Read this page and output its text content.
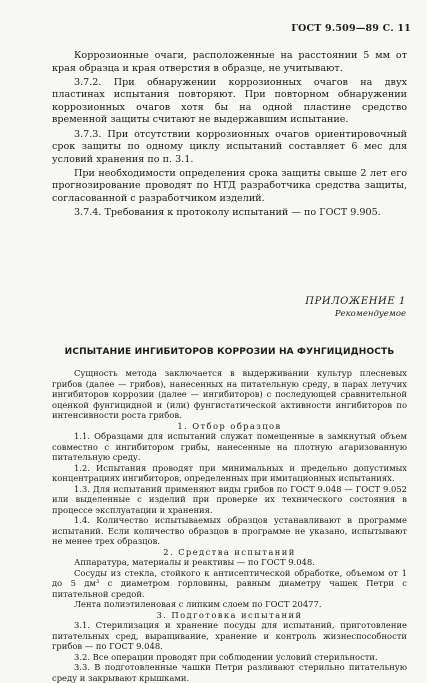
ГОСТ 9.509—89 С. 11

Коррозионные очаги, расположенные на расстоянии 5 мм от края образца и края отверстия в образце, не учитывают.

3.7.2. При обнаружении коррозионных очагов на двух пластинах испытания повторяют. При повторном обнаружении коррозионных очагов хотя бы на одной пластине средство временной защиты считают не выдержавшим испытание.

3.7.3. При отсутствии коррозионных очагов ориентировочный срок защиты по одному циклу испытаний составляет 6 мес для условий хранения по п. 3.1.

При необходимости определения срока защиты свыше 2 лет его прогнозирование проводят по НТД разработчика средства защиты, согласованной с разработчиком изделий.

3.7.4. Требования к протоколу испытаний — по ГОСТ 9.905.

ПРИЛОЖЕНИЕ 1
Рекомендуемое
ИСПЫТАНИЕ ИНГИБИТОРОВ КОРРОЗИИ НА ФУНГИЦИДНОСТЬ

Сущность метода заключается в выдерживании культур плесневых грибов (далее — грибов), нанесенных на питательную среду, в парах летучих ингибиторов коррозии (далее — ингибиторов) с последующей сравнительной оценкой фунгицидной и (или) фунгистатической активности ингибиторов по интенсивности роста грибов.

1. Отбор образцов

1.1. Образцами для испытаний служат помещенные в замкнутый объем совместно с ингибитором грибы, нанесенные на плотную агаризованную питательную среду.

1.2. Испытания проводят при минимальных и предельно допустимых концентрациях ингибиторов, определенных при имитационных испытаниях.

1.3. Для испытаний применяют виды грибов по ГОСТ 9.048 — ГОСТ 9.052 или выделенные с изделий при проверке их технического состояния в процессе эксплуатации и хранения.

1.4. Количество испытываемых образцов устанавливают в программе испытаний. Если количество образцов в программе не указано, испытывают не менее трех образцов.

2. Средства испытаний

Аппаратура, материалы и реактивы — по ГОСТ 9.048.

Сосуды из стекла, стойкого к антисептической обработке, объемом от 1 до 5 дм³ с диаметром горловины, равным диаметру чашек Петри с питательной средой.

Лента полиэтиленовая с липким слоем по ГОСТ 20477.

3. Подготовка испытаний

3.1. Стерилизация и хранение посуды для испытаний, приготовление питательных сред, выращивание, хранение и контроль жизнеспособности грибов — по ГОСТ 9.048.

3.2. Все операции проводят при соблюдении условий стерильности.

3.3. В подготовленные чашки Петри разливают стерильно питательную среду и закрывают крышками.
